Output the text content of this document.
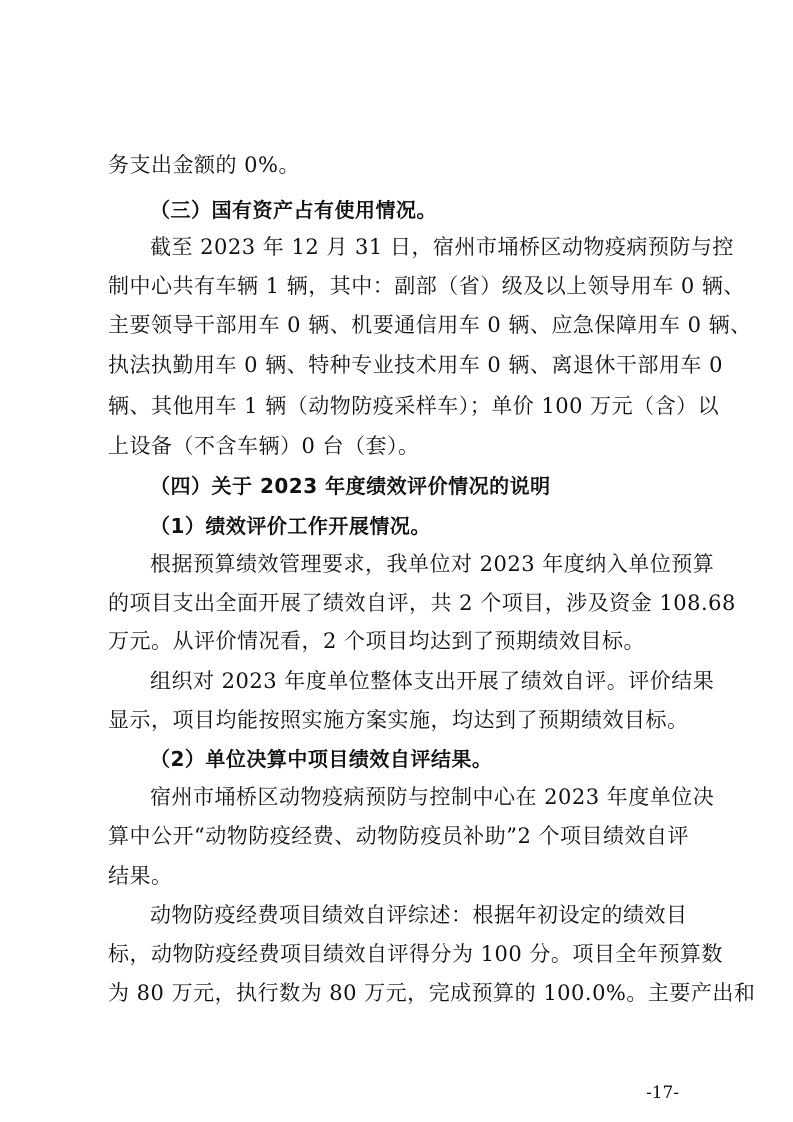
务支出金额的 0%。
（三）国有资产占有使用情况。
截至 2023 年 12 月 31 日，宿州市埇桥区动物疫病预防与控
制中心共有车辆 1 辆，其中：副部（省）级及以上领导用车 0 辆、
主要领导干部用车 0 辆、机要通信用车 0 辆、应急保障用车 0 辆、
执法执勤用车 0 辆、特种专业技术用车 0 辆、离退休干部用车 0
辆、其他用车 1 辆（动物防疫采样车）；单价 100 万元（含）以
上设备（不含车辆）0 台（套）。
（四）关于 2023 年度绩效评价情况的说明
（1）绩效评价工作开展情况。
根据预算绩效管理要求，我单位对 2023 年度纳入单位预算
的项目支出全面开展了绩效自评，共 2 个项目，涉及资金 108.68
万元。从评价情况看，2 个项目均达到了预期绩效目标。
组织对 2023 年度单位整体支出开展了绩效自评。评价结果
显示，项目均能按照实施方案实施，均达到了预期绩效目标。
（2）单位决算中项目绩效自评结果。
宿州市埇桥区动物疫病预防与控制中心在 2023 年度单位决
算中公开“动物防疫经费、动物防疫员补助”2 个项目绩效自评
结果。
动物防疫经费项目绩效自评综述：根据年初设定的绩效目
标，动物防疫经费项目绩效自评得分为 100 分。项目全年预算数
为 80 万元，执行数为 80 万元，完成预算的 100.0%。主要产出和
-17-
